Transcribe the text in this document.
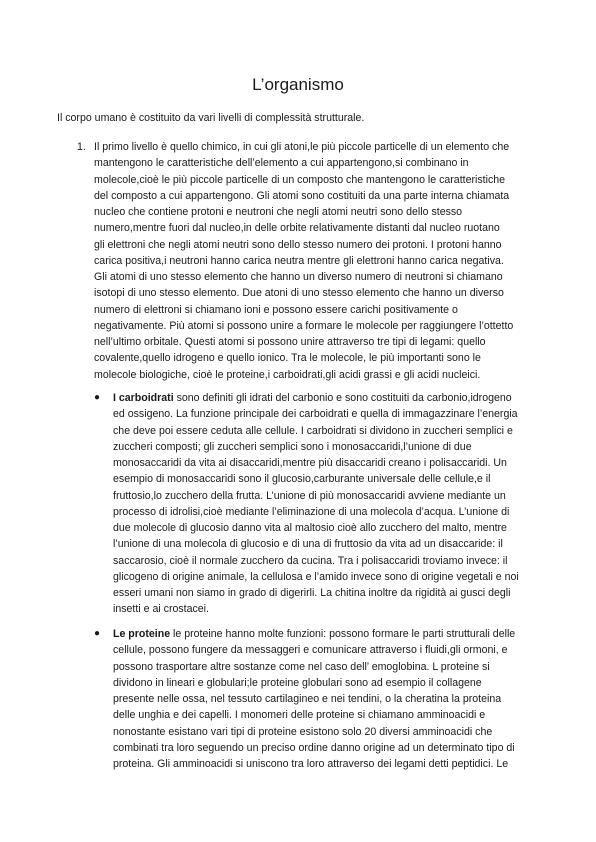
L’organismo
Il corpo umano è costituito da vari livelli di complessità strutturale.
1. Il primo livello è quello chimico, in cui gli atoni,le più piccole particelle di un elemento che
mantengono le caratteristiche dell’elemento a cui appartengono,si combinano in
molecole,cioè le più piccole particelle di un composto che mantengono le caratteristiche
del composto a cui appartengono. Gli atomi sono costituiti da una parte interna chiamata
nucleo che contiene protoni e neutroni che negli atomi neutri sono dello stesso
numero,mentre fuori dal nucleo,in delle orbite relativamente distanti dal nucleo ruotano
gli elettroni che negli atomi neutri sono dello stesso numero dei protoni. I protoni hanno
carica positiva,i neutroni hanno carica neutra mentre gli elettroni hanno carica negativa.
Gli atomi di uno stesso elemento che hanno un diverso numero di neutroni si chiamano
isotopi di uno stesso elemento. Due atoni di uno stesso elemento che hanno un diverso
numero di elettroni si chiamano ioni e possono essere carichi positivamente o
negativamente. Più atomi si possono unire a formare le molecole per raggiungere l’ottetto
nell’ultimo orbitale. Questi atomi si possono unire attraverso tre tipi di legami: quello
covalente,quello idrogeno e quello ionico. Tra le molecole, le più importanti sono le
molecole biologiche, cioè le proteine,i carboidrati,gli acidi grassi e gli acidi nucleici.
● I carboidrati sono definiti gli idrati del carbonio e sono costituiti da carbonio,idrogeno
ed ossigeno. La funzione principale dei carboidrati e quella di immagazzinare l’energia
che deve poi essere ceduta alle cellule. I carboidrati si dividono in zuccheri semplici e
zuccheri composti; gli zuccheri semplici sono i monosaccaridi,l’unione di due
monosaccaridi da vita ai disaccaridi,mentre più disaccaridi creano i polisaccaridi. Un
esempio di monosaccaridi sono il glucosio,carburante universale delle cellule,e il
fruttosio,lo zucchero della frutta. L’unione di più monosaccaridi avviene mediante un
processo di idrolisi,cioè mediante l’eliminazione di una molecola d’acqua. L’unione di
due molecole di glucosio danno vita al maltosio cioè allo zucchero del malto, mentre
l’unione di una molecola di glucosio e di una di fruttosio da vita ad un disaccaride: il
saccarosio, cioè il normale zucchero da cucina. Tra i polisaccaridi troviamo invece: il
glicogeno di origine animale, la cellulosa e l’amido invece sono di origine vegetali e noi
esseri umani non siamo in grado di digerirli. La chitina inoltre da rigidità ai gusci degli
insetti e ai crostacei.
● Le proteine le proteine hanno molte funzioni: possono formare le parti strutturali delle
cellule, possono fungere da messaggeri e comunicare attraverso i fluidi,gli ormoni, e
possono trasportare altre sostanze come nel caso dell’ emoglobina. L proteine si
dividono in lineari e globulari;le proteine globulari sono ad esempio il collagene
presente nelle ossa, nel tessuto cartilagineo e nei tendini, o la cheratina la proteina
delle unghia e dei capelli. I monomeri delle proteine si chiamano amminoacidi e
nonostante esistano vari tipi di proteine esistono solo 20 diversi amminoacidi che
combinati tra loro seguendo un preciso ordine danno origine ad un determinato tipo di
proteina. Gli amminoacidi si uniscono tra loro attraverso dei legami detti peptidici. Le
